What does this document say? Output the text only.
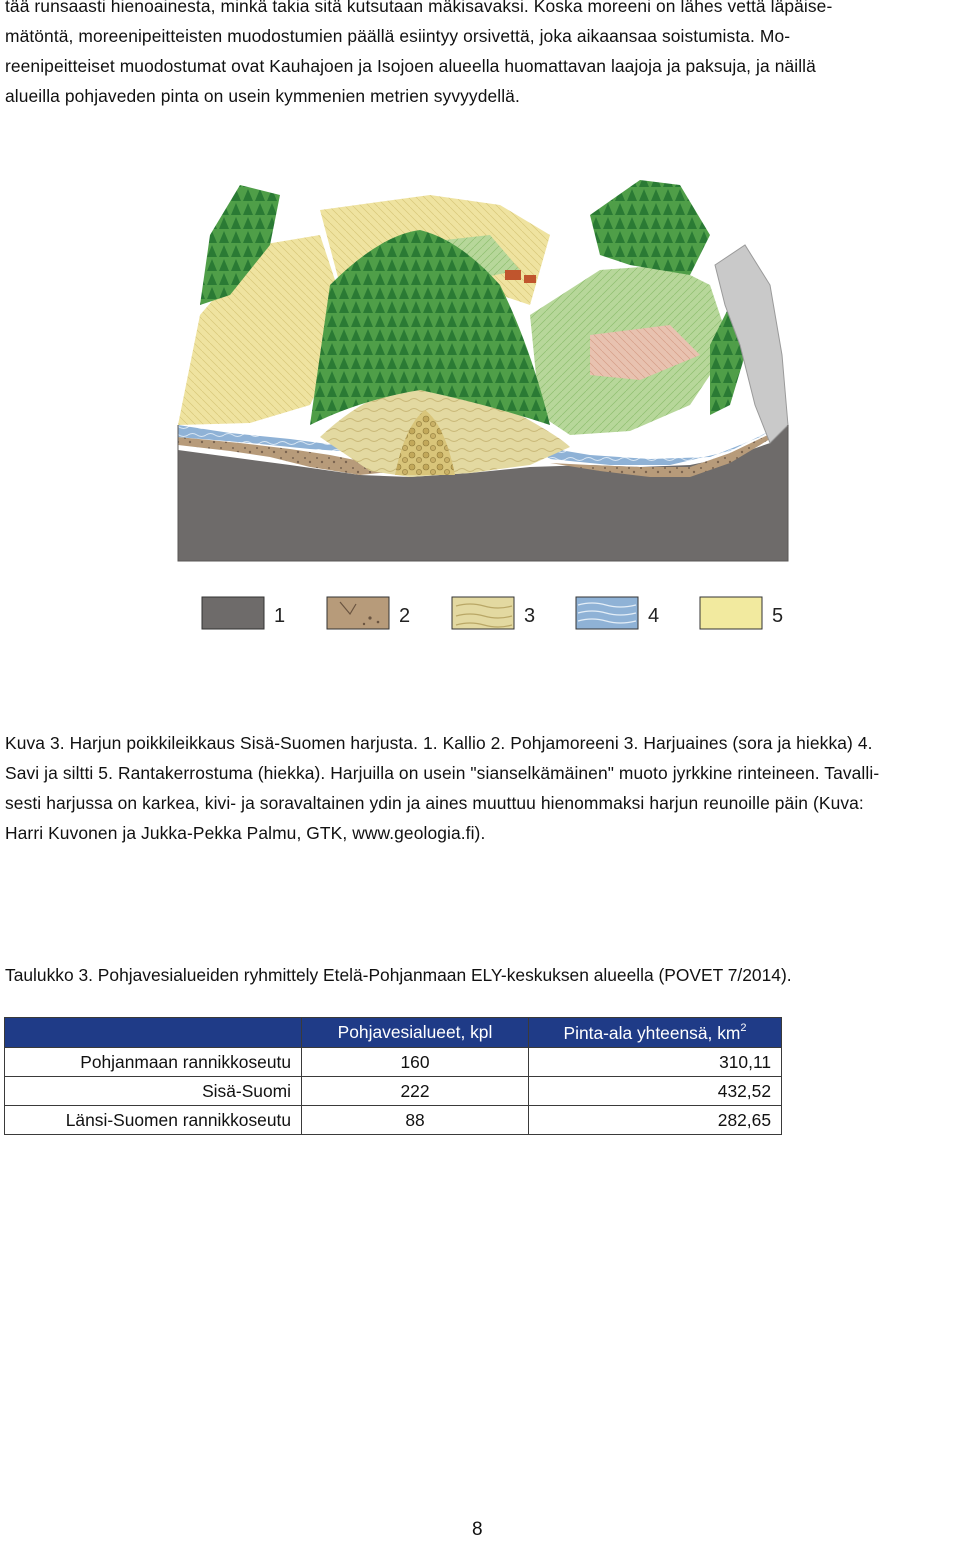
tää runsaasti hienoainesta, minkä takia sitä kutsutaan mäkisavaksi. Koska moreeni on lähes vettä läpäise-
mätöntä, moreenipeitteisten muodostumien päällä esiintyy orsivettä, joka aikaansaa soistumista. Mo-
reenipeitteiset muodostumat ovat Kauhajoen ja Isojoen alueella huomattavan laajoja ja paksuja, ja näillä
alueilla pohjaveden pinta on usein kymmenien metrien syvyydellä.
1	2	3	4	5
Kuva 3. Harjun poikkileikkaus Sisä-Suomen harjusta. 1. Kallio 2. Pohjamoreeni 3. Harjuaines (sora ja hiekka) 4.
Savi ja siltti 5. Rantakerrostuma (hiekka). Harjuilla on usein "sianselkämäinen" muoto jyrkkine rinteineen. Tavalli-
sesti harjussa on karkea, kivi- ja soravaltainen ydin ja aines muuttuu hienommaksi harjun reunoille päin (Kuva:
Harri Kuvonen ja Jukka-Pekka Palmu, GTK, www.geologia.fi).
Taulukko 3. Pohjavesialueiden ryhmittely Etelä-Pohjanmaan ELY-keskuksen alueella (POVET 7/2014).
	Pohjavesialueet, kpl	Pinta-ala yhteensä, $km^2$
Pohjanmaan rannikkoseutu	160	310,11
Sisä-Suomi	222	432,52
Länsi-Suomen rannikkoseutu	88	282,65
8
